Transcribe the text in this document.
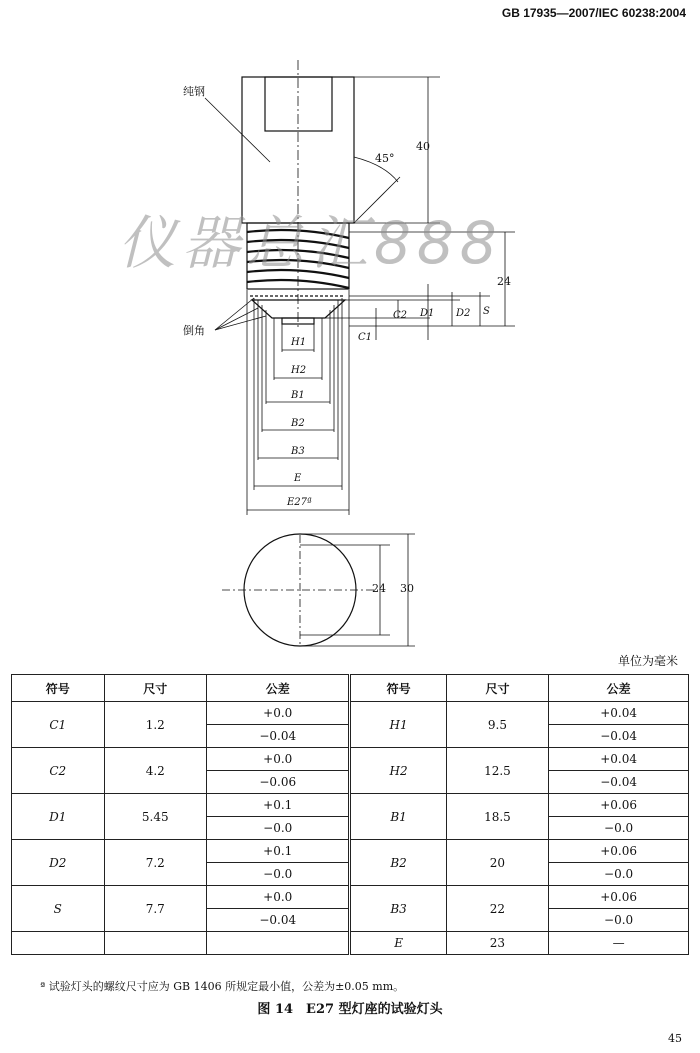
GB 17935—2007/IEC 60238:2004
纯钢
倒角
45°
40
24
24 30
C2
C1
D1 D2 S
H1
H2
B1
B2
B3
E
E27ª
仪器总汇888
单位为毫米
符号	尺寸	公差	符号	尺寸	公差
C1	1.2	+0.0	H1	9.5	+0.04
		−0.04			−0.04
C2	4.2	+0.0	H2	12.5	+0.04
		−0.06			−0.04
D1	5.45	+0.1	B1	18.5	+0.06
		−0.0			−0.0
D2	7.2	+0.1	B2	20	+0.06
		−0.0			−0.0
S	7.7	+0.0	B3	22	+0.06
		−0.04			−0.0
			E	23	—
ª 试验灯头的螺纹尺寸应为 GB 1406 所规定最小值，公差为±0.05 mm。
图 14　E27 型灯座的试验灯头
45
